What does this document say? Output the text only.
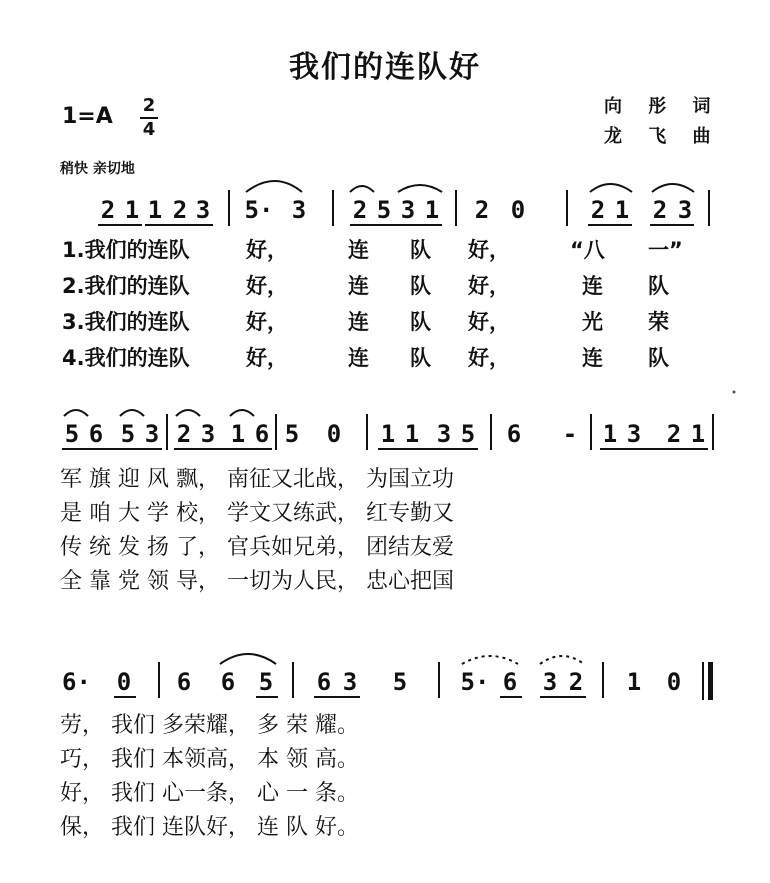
我们的连队好
1=A 2
4
向 彤 词
龙 飞 曲
稍快 亲切地
2 1 1 2 3 5· 3 2 5 3 1 2 0	2 1 2 3
1.我们的连队	好，	连 队 好，	“八 一”
2.我们的连队	好，	连 队 好，	连 队
3.我们的连队	好，	连 队 好，	光 荣
4.我们的连队	好，	连 队 好，	连 队
5 6 5 3 2 3 1 6 5 0 1 1 3 5 6 - 1 3 2 1
军 旗 迎 风 飘， 南征又北战， 为国立功
是 咱 大 学 校， 学文又练武， 红专勤又
传 统 发 扬 了， 官兵如兄弟， 团结友爱
全 靠 党 领 导， 一切为人民， 忠心把国
6· 0 6 6 5 6 3 5 5· 6 3 2 1 0
劳， 我们 多荣耀， 多 荣 耀。
巧， 我们 本领高， 本 领 高。
好， 我们 心一条， 心 一 条。
保， 我们 连队好， 连 队 好。
